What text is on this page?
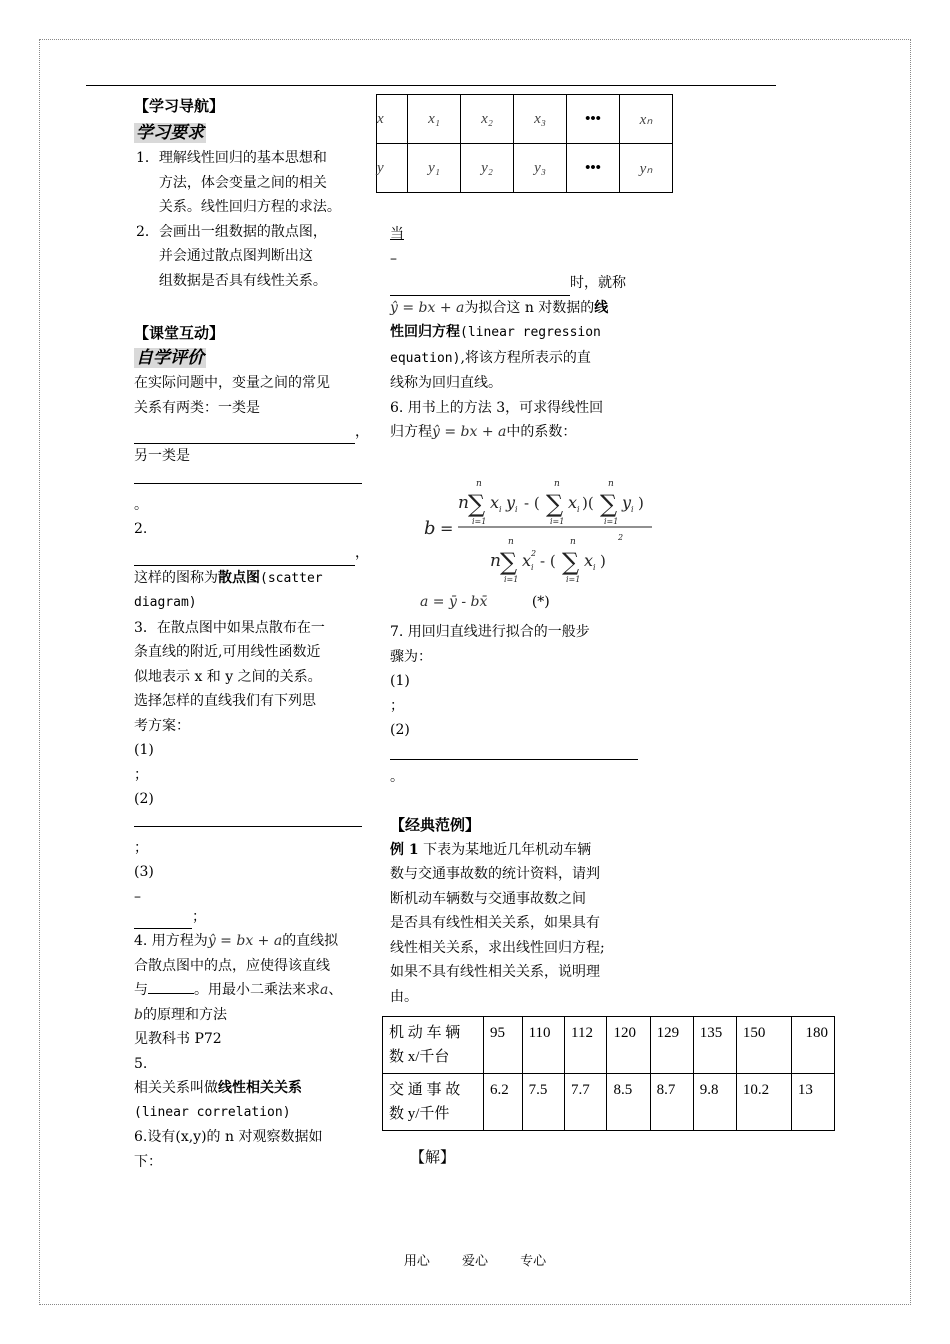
【学习导航】
学习要求
1． 理解线性回归的基本思想和
方法，体会变量之间的相关
关系。线性回归方程的求法。
2． 会画出一组数据的散点图，
并会通过散点图判断出这
组数据是否具有线性关系。
【课堂互动】
自学评价
在实际问题中，变量之间的常见
关系有两类：一类是
，
另一类是
。
2.
，
这样的图称为散点图(scatter
diagram)
3．在散点图中如果点散布在一
条直线的附近,可用线性函数近
似地表示 x 和 y 之间的关系。
选择怎样的直线我们有下列思
考方案：
(1)
；
(2)
；
(3)
–
；
4. 用方程为ŷ = bx + a的直线拟
合散点图中的点，应使得该直线
与	。用最小二乘法来求a、
b的原理和方法
见教科书 P72
5.
相关关系叫做线性相关关系
(linear correlation)
6.设有(x,y)的 n 对观察数据如
下：
x	x₁	x₂	x₃	•••	xₙ
y	y₁	y₂	y₃	•••	yₙ
当
–
时，就称
ŷ = bx + a为拟合这 n 对数据的线
性回归方程(linear regression
equation),将该方程所表示的直
线称为回归直线。
6. 用书上的方法 3，可求得线性回
归方程ŷ = bx + a中的系数：
b =
n ∑
n
i=1
x i y i - ( ∑
n
i=1
x i )( ∑
n
i=1
y i )
2
n ∑
n
i=1
x i
2 - ( ∑
n
i=1
x i )
a = ȳ - bx̄	(*)
7. 用回归直线进行拟合的一般步
骤为：
(1)
；
(2)
。
【经典范例】
例 1 下表为某地近几年机动车辆
数与交通事故数的统计资料，请判
断机动车辆数与交通事故数之间
是否具有线性相关关系，如果具有
线性相关关系，求出线性回归方程;
如果不具有线性相关关系，说明理
由。
机 动 车 辆
数 x/千台	95	110	112	120	129	135	150	180

交 通 事 故
数 y/千件	6.2	7.5	7.7	8.5	8.7	9.8	10.2	13
【解】
用心 爱心 专心
